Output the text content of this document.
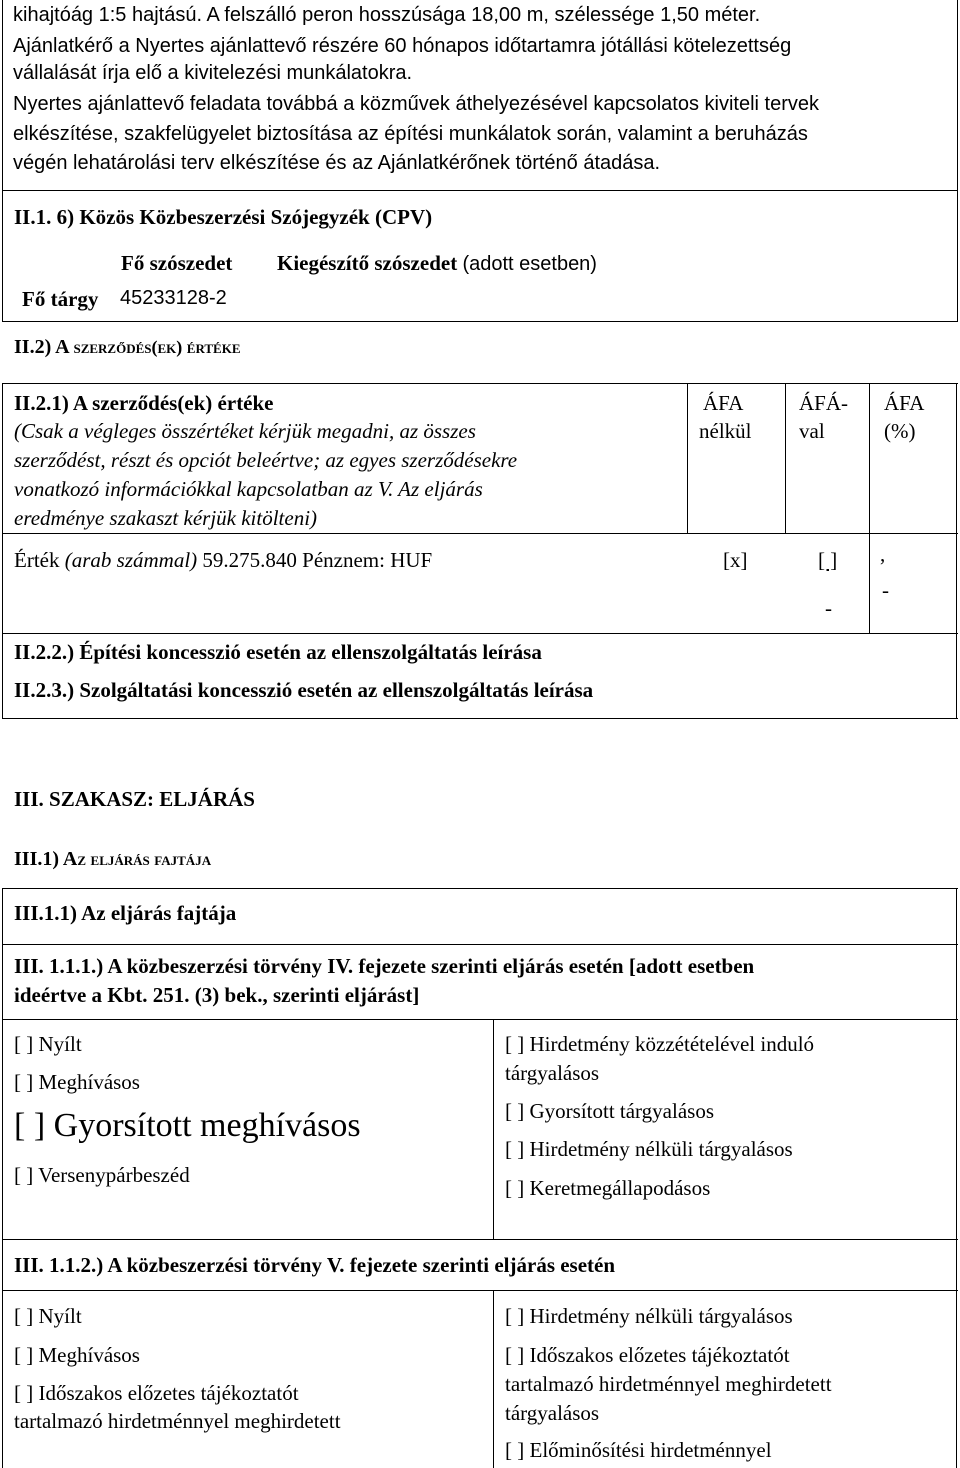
kihajtóág 1:5 hajtású. A felszálló peron hosszúsága 18,00 m, szélessége 1,50 méter.
Ajánlatkérő a Nyertes ajánlattevő részére 60 hónapos időtartamra jótállási kötelezettség
vállalását írja elő a kivitelezési munkálatokra.
Nyertes ajánlattevő feladata továbbá a közművek áthelyezésével kapcsolatos kiviteli tervek
elkészítése, szakfelügyelet biztosítása az építési munkálatok során, valamint a beruházás
végén lehatárolási terv elkészítése és az Ajánlatkérőnek történő átadása.
II.1. 6) Közös Közbeszerzési Szójegyzék (CPV)
Fő szószedet Kiegészítő szószedet (adott esetben)
Fő tárgy 45233128-2
II.2) A szerződés(ek) értéke
II.2.1) A szerződés(ek) értéke
(Csak a végleges összértéket kérjük megadni, az összes
szerződést, részt és opciót beleértve; az egyes szerződésekre
vonatkozó információkkal kapcsolatban az V. Az eljárás
eredménye szakaszt kérjük kitölteni)
ÁFA
nélkül
ÁFÁ-
val
ÁFA
(%)
Érték (arab számmal) 59.275.840 Pénznem: HUF	[x]	[ ] ,
-
-
II.2.2.) Építési koncesszió esetén az ellenszolgáltatás leírása
II.2.3.) Szolgáltatási koncesszió esetén az ellenszolgáltatás leírása
III. SZAKASZ: ELJÁRÁS
III.1) Az eljárás fajtája
III.1.1) Az eljárás fajtája
III. 1.1.1.) A közbeszerzési törvény IV. fejezete szerinti eljárás esetén [adott esetben
ideértve a Kbt. 251. (3) bek., szerinti eljárást]
[ ] Nyílt
[ ] Meghívásos
[ ] Gyorsított meghívásos
[ ] Versenypárbeszéd
[ ] Hirdetmény közzétételével induló
tárgyalásos
[ ] Gyorsított tárgyalásos
[ ] Hirdetmény nélküli tárgyalásos
[ ] Keretmegállapodásos
III. 1.1.2.) A közbeszerzési törvény V. fejezete szerinti eljárás esetén
[ ] Nyílt
[ ] Meghívásos
[ ] Időszakos előzetes tájékoztatót
tartalmazó hirdetménnyel meghirdetett
[ ] Hirdetmény nélküli tárgyalásos
[ ] Időszakos előzetes tájékoztatót
tartalmazó hirdetménnyel meghirdetett
tárgyalásos
[ ] Előminősítési hirdetménnyel
